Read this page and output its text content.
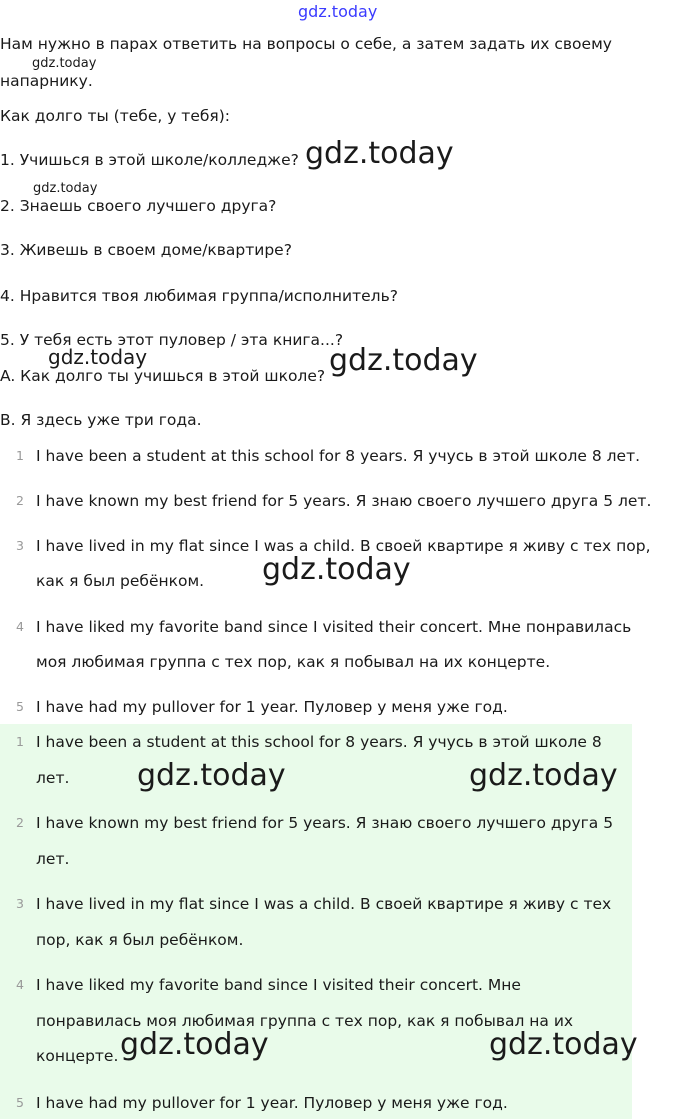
gdz.today
Нам нужно в парах ответить на вопросы о себе, а затем задать их своему
gdz.today
напарнику.
Как долго ты (тебе, у тебя):
1. Учишься в этой школе/колледже? gdz.today
gdz.today
2. Знаешь своего лучшего друга?
3. Живешь в своем доме/квартире?
4. Нравится твоя любимая группа/исполнитель?
5. У тебя есть этот пуловер / эта книга...?
gdz.today
A. Как долго ты учишься в этой школе? gdz.today
B. Я здесь уже три года.
1 I have been a student at this school for 8 years. Я учусь в этой школе 8 лет.
2 I have known my best friend for 5 years. Я знаю своего лучшего друга 5 лет.
3 I have lived in my flat since I was a child. В своей квартире я живу с тех пор,
как я был ребёнком. gdz.today
4 I have liked my favorite band since I visited their concert. Мне понравилась
моя любимая группа с тех пор, как я побывал на их концерте.
5 I have had my pullover for 1 year. Пуловер у меня уже год.
1 I have been a student at this school for 8 years. Я учусь в этой школе 8
лет. gdz.today	gdz.today
2 I have known my best friend for 5 years. Я знаю своего лучшего друга 5
лет.
3 I have lived in my flat since I was a child. В своей квартире я живу с тех
пор, как я был ребёнком.
4 I have liked my favorite band since I visited their concert. Мне
понравилась моя любимая группа с тех пор, как я побывал на их
концерте. gdz.today	gdz.today
5 I have had my pullover for 1 year. Пуловер у меня уже год.
